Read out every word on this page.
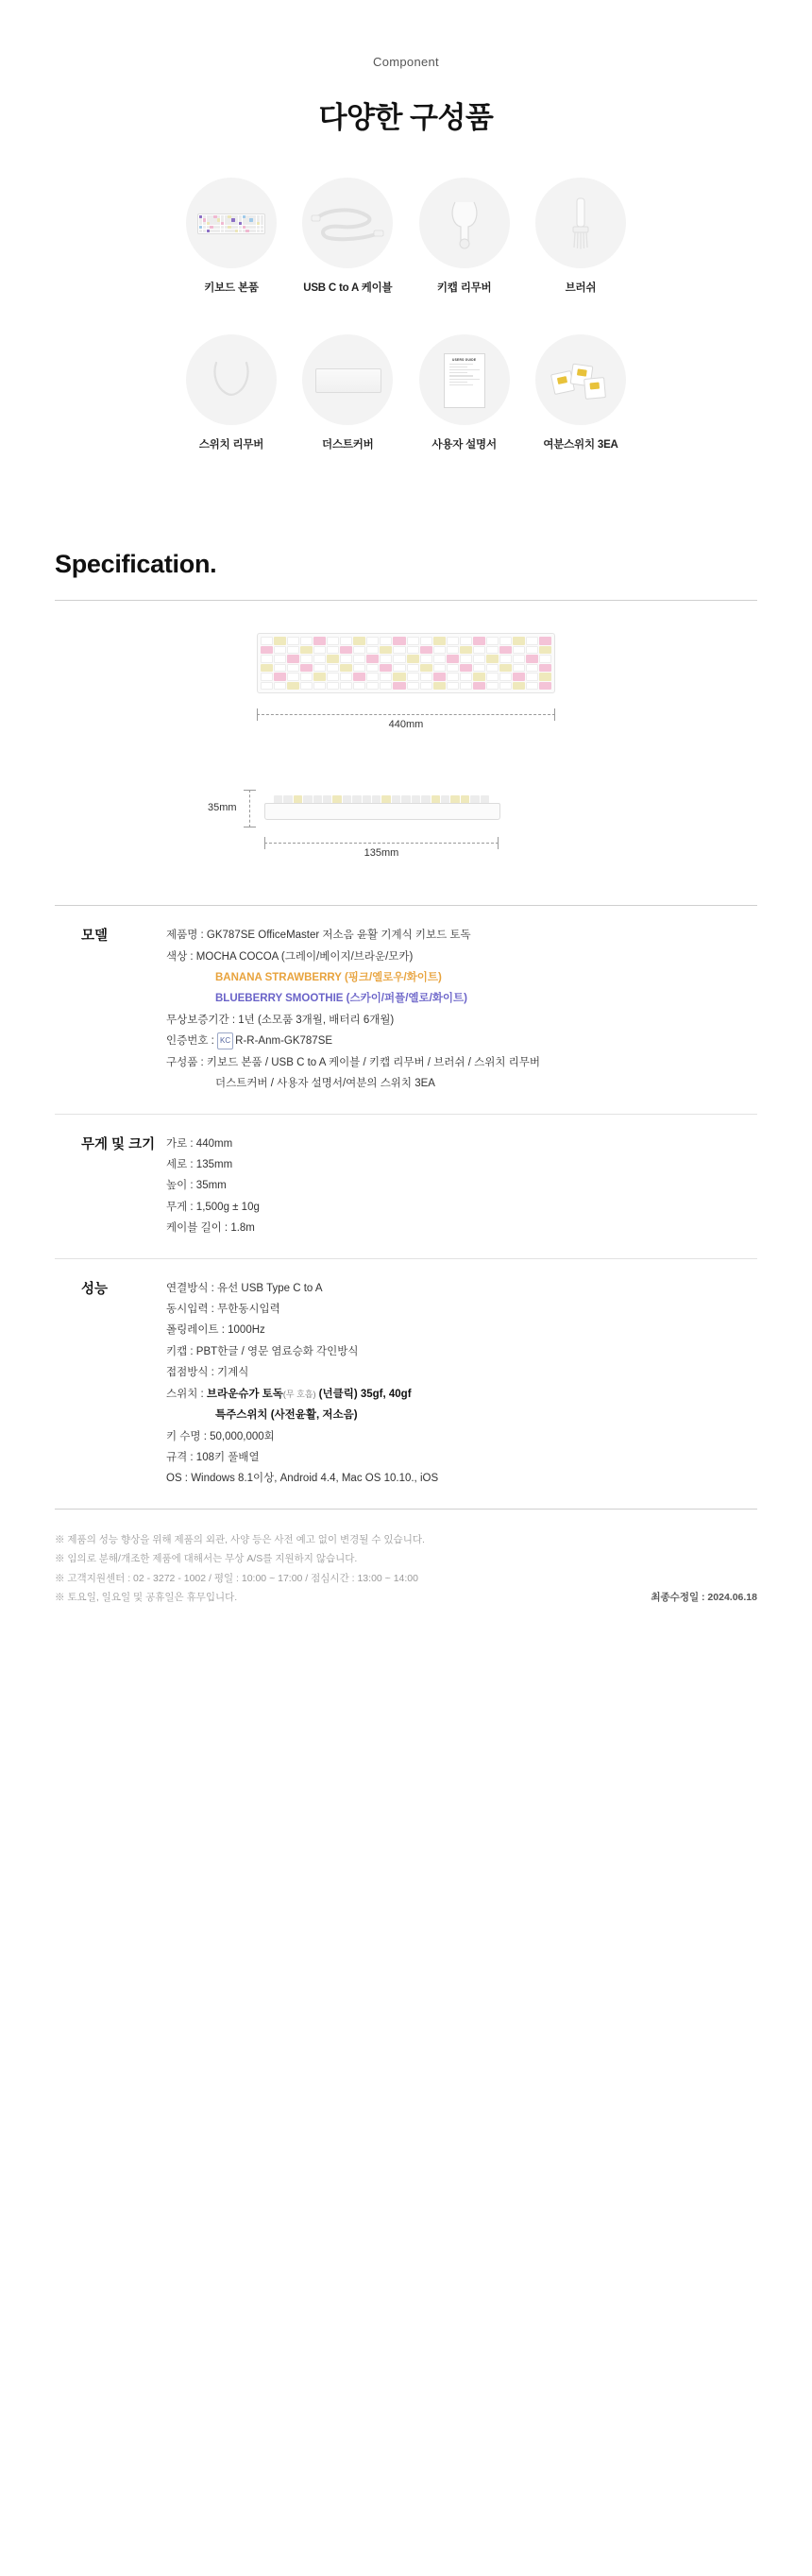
Component
다양한 구성품
키보드 본품	USB C to A 케이블	키캡 리무버	브러쉬
스위치 리무버	더스트커버
USERS GUIDE
사용자 설명서	여분스위치 3EA
Specification.
440mm
35mm
135mm
모델	제품명 : GK787SE OfficeMaster 저소음 윤활 기계식 키보드 토독
색상 : MOCHA COCOA (그레이/베이지/브라운/모카)
BANANA STRAWBERRY (핑크/옐로우/화이트)
BLUEBERRY SMOOTHIE (스카이/퍼플/옐로/화이트)
무상보증기간 : 1년 (소모품 3개월, 배터리 6개월)
인증번호 : KC R-R-Anm-GK787SE
구성품 : 키보드 본품 / USB C to A 케이블 / 키캡 리무버 / 브러쉬 / 스위치 리무버
더스트커버 / 사용자 설명서/여분의 스위치 3EA
무게 및 크기	가로 : 440mm
세로 : 135mm
높이 : 35mm
무게 : 1,500g ± 10g
케이블 길이 : 1.8m
성능	연결방식 : 유선 USB Type C to A
동시입력 : 무한동시입력
폴링레이트 : 1000Hz
키캡 : PBT한글 / 영문 염료승화 각인방식
접점방식 : 기계식
스위치 : 브라운슈가 토독(무 호흡) (넌클릭) 35gf, 40gf
특주스위치 (사전윤활, 저소음)
키 수명 : 50,000,000회
규격 : 108키 풀배열
OS : Windows 8.1이상, Android 4.4, Mac OS 10.10., iOS
※ 제품의 성능 향상을 위해 제품의 외관, 사양 등은 사전 예고 없이 변경될 수 있습니다.
※ 임의로 분해/개조한 제품에 대해서는 무상 A/S를 지원하지 않습니다.
※ 고객지원센터 : 02 - 3272 - 1002 / 평일 : 10:00 ~ 17:00 / 점심시간 : 13:00 ~ 14:00
※ 토요일, 일요일 및 공휴일은 휴무입니다.	최종수정일 : 2024.06.18
